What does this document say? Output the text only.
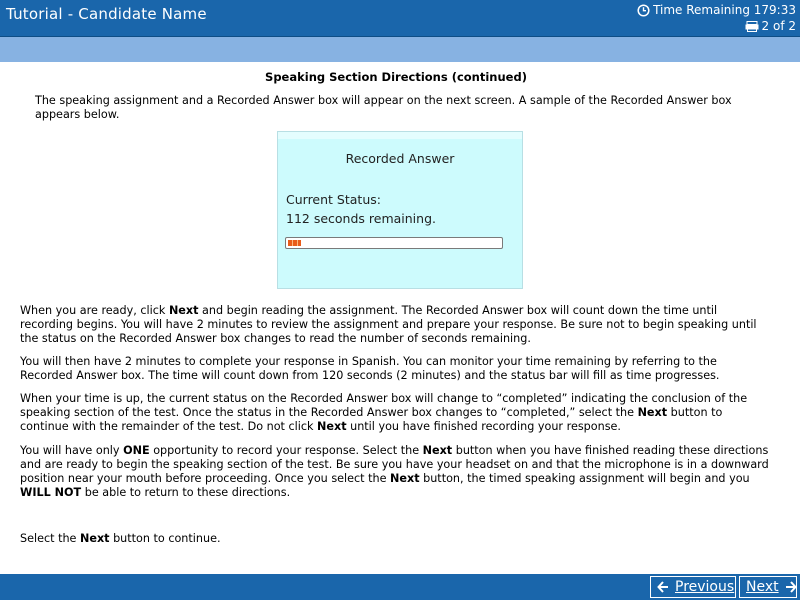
Tutorial - Candidate Name	Time Remaining 179:33
2 of 2
Speaking Section Directions (continued)

The speaking assignment and a Recorded Answer box will appear on the next screen. A sample of the Recorded Answer box appears below.

Recorded Answer
Current Status:
112 seconds remaining.

When you are ready, click Next and begin reading the assignment. The Recorded Answer box will count down the time until recording begins. You will have 2 minutes to review the assignment and prepare your response. Be sure not to begin speaking until the status on the Recorded Answer box changes to read the number of seconds remaining.

You will then have 2 minutes to complete your response in Spanish. You can monitor your time remaining by referring to the Recorded Answer box. The time will count down from 120 seconds (2 minutes) and the status bar will fill as time progresses.

When your time is up, the current status on the Recorded Answer box will change to “completed” indicating the conclusion of the speaking section of the test. Once the status in the Recorded Answer box changes to “completed,” select the Next button to continue with the remainder of the test. Do not click Next until you have finished recording your response.

You will have only ONE opportunity to record your response. Select the Next button when you have finished reading these directions and are ready to begin the speaking section of the test. Be sure you have your headset on and that the microphone is in a downward position near your mouth before proceeding. Once you select the Next button, the timed speaking assignment will begin and you WILL NOT be able to return to these directions.

Select the Next button to continue.

Previous Next
